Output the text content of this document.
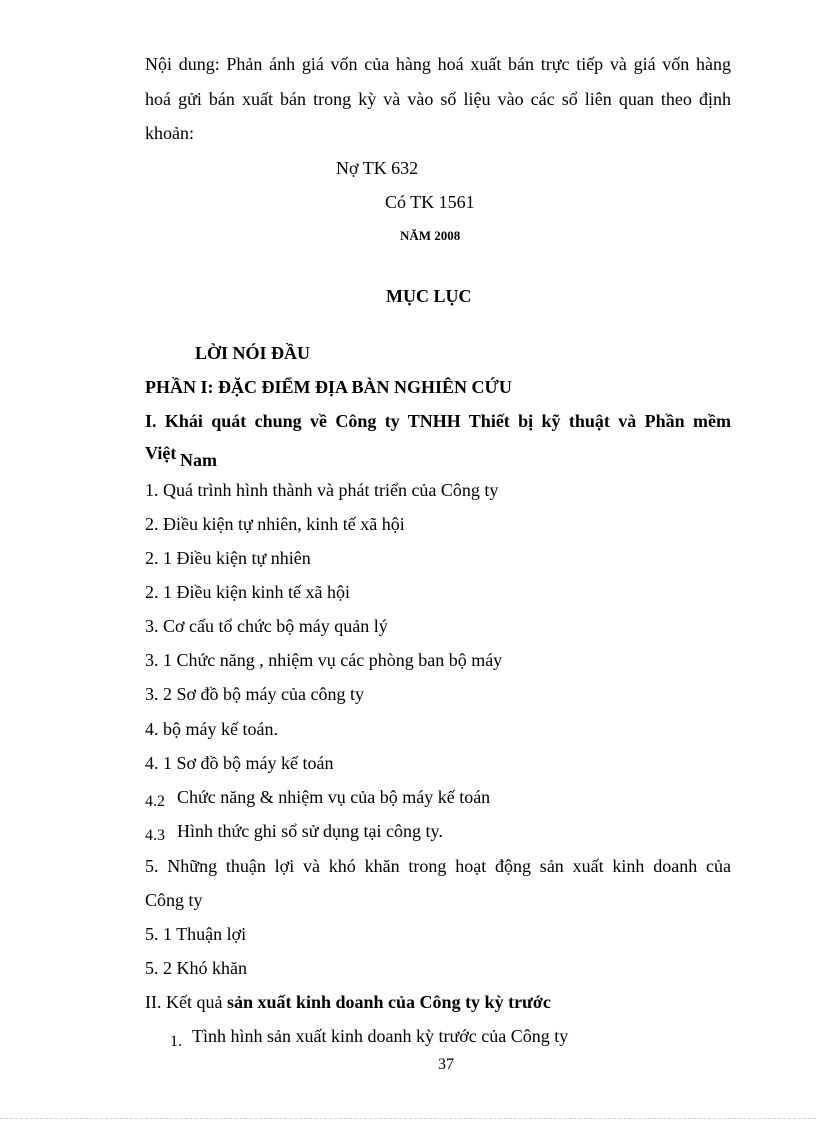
Nội dung: Phản ánh giá vốn của hàng hoá xuất bán trực tiếp và giá vốn hàng
hoá gửi bán xuất bán trong kỳ và vào số liệu vào các sổ liên quan theo định
khoản:
Nợ TK 632
Có TK 1561
NĂM 2008
MỤC LỤC
LỜI NÓI ĐẦU
PHẦN I: ĐẶC ĐIỂM ĐỊA BÀN NGHIÊN CỨU
I. Khái quát chung về Công ty TNHH Thiết bị kỹ thuật và Phần mềm
Việt Nam
1. Quá trình hình thành và phát triển của Công ty
2. Điều kiện tự nhiên, kinh tế xã hội
2. 1 Điều kiện tự nhiên
2. 1 Điều kiện kinh tế xã hội
3. Cơ cấu tổ chức bộ máy quản lý
3. 1 Chức năng , nhiệm vụ các phòng ban bộ máy
3. 2 Sơ đồ bộ máy của công ty
4. bộ máy kế toán.
4. 1 Sơ đồ bộ máy kế toán
4.2 Chức năng & nhiệm vụ của bộ máy kế toán
4.3 Hình thức ghi sổ sử dụng tại công ty.
5. Những thuận lợi và khó khăn trong hoạt động sản xuất kinh doanh của
Công ty
5. 1 Thuận lợi
5. 2 Khó khăn
II. Kết quả sản xuất kinh doanh của Công ty kỳ trước
1. Tình hình sản xuất kinh doanh kỳ trước của Công ty
37
